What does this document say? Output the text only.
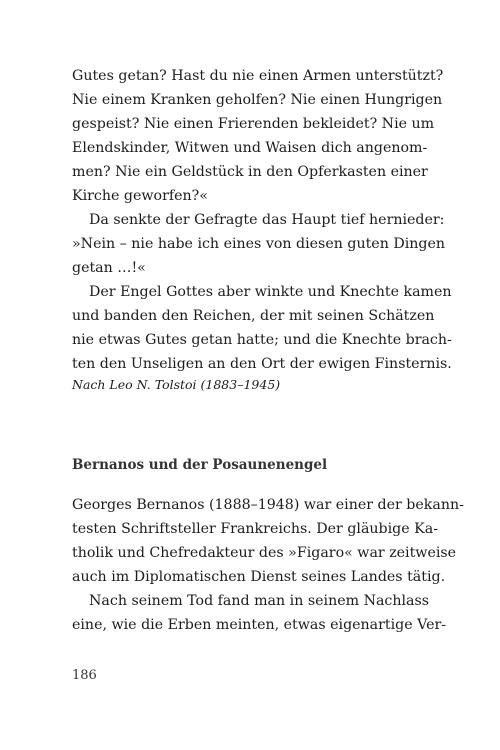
Gutes getan? Hast du nie einen Armen unterstützt?
Nie einem Kranken geholfen? Nie einen Hungrigen
gespeist? Nie einen Frierenden bekleidet? Nie um
Elendskinder, Witwen und Waisen dich angenom-
men? Nie ein Geldstück in den Opferkasten einer
Kirche geworfen?«
Da senkte der Gefragte das Haupt tief hernieder:
»Nein – nie habe ich eines von diesen guten Dingen
getan …!«
Der Engel Gottes aber winkte und Knechte kamen
und banden den Reichen, der mit seinen Schätzen
nie etwas Gutes getan hatte; und die Knechte brach-
ten den Unseligen an den Ort der ewigen Finsternis.
Nach Leo N. Tolstoi (1883–1945)
Bernanos und der Posaunenengel
Georges Bernanos (1888–1948) war einer der bekann-
testen Schriftsteller Frankreichs. Der gläubige Ka-
tholik und Chefredakteur des »Figaro« war zeitweise
auch im Diplomatischen Dienst seines Landes tätig.
Nach seinem Tod fand man in seinem Nachlass
eine, wie die Erben meinten, etwas eigenartige Ver-
186
